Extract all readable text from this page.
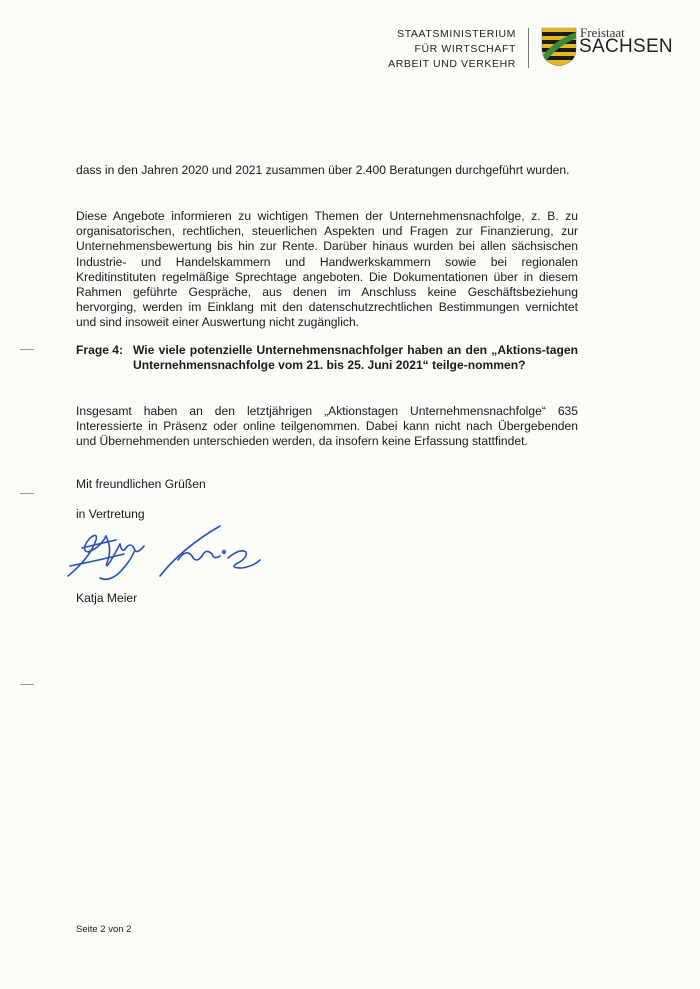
STAATSMINISTERIUM
FÜR WIRTSCHAFT
ARBEIT UND VERKEHR
Freistaat
SACHSEN

dass in den Jahren 2020 und 2021 zusammen über 2.400 Beratungen durchgeführt wurden.

Diese Angebote informieren zu wichtigen Themen der Unternehmensnachfolge, z. B. zu organisatorischen, rechtlichen, steuerlichen Aspekten und Fragen zur Finanzierung, zur Unternehmensbewertung bis hin zur Rente. Darüber hinaus wurden bei allen sächsischen Industrie- und Handelskammern und Handwerkskammern sowie bei regionalen Kreditinstituten regelmäßige Sprechtage angeboten. Die Dokumentationen über in diesem Rahmen geführte Gespräche, aus denen im Anschluss keine Geschäftsbeziehung hervorging, werden im Einklang mit den datenschutzrechtlichen Bestimmungen vernichtet und sind insoweit einer Auswertung nicht zugänglich.

Frage 4: Wie viele potenzielle Unternehmensnachfolger haben an den „Aktions-tagen Unternehmensnachfolge vom 21. bis 25. Juni 2021“ teilge-nommen?

Insgesamt haben an den letztjährigen „Aktionstagen Unternehmensnachfolge“ 635 Interessierte in Präsenz oder online teilgenommen. Dabei kann nicht nach Übergebenden und Übernehmenden unterschieden werden, da insofern keine Erfassung stattfindet.

Mit freundlichen Grüßen
in Vertretung
Katja Meier
Seite 2 von 2
